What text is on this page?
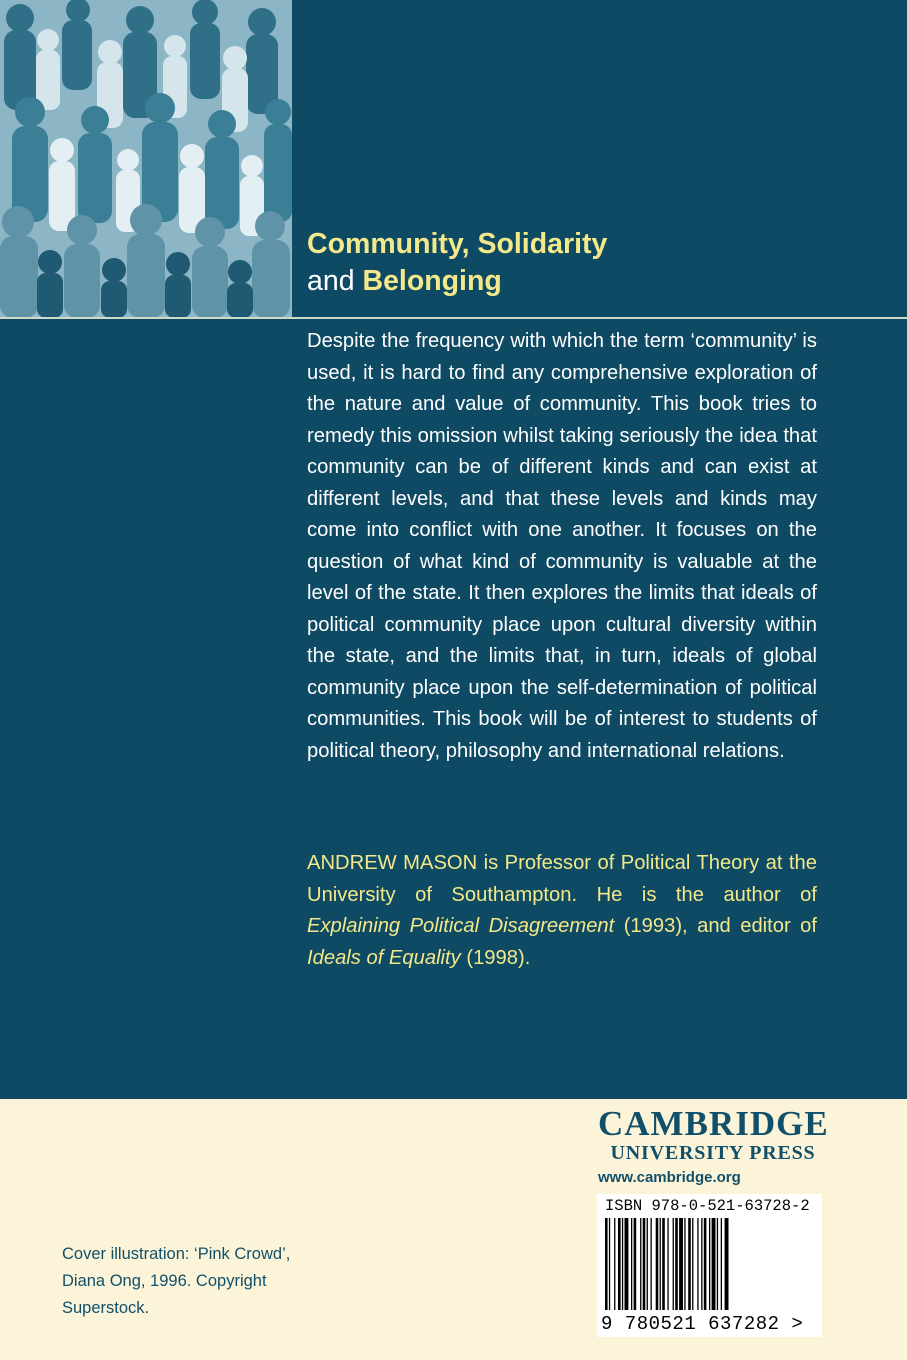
Community, Solidarity
and Belonging

Despite the frequency with which the term ‘community’ is used, it is hard to find any comprehensive exploration of the nature and value of community. This book tries to remedy this omission whilst taking seriously the idea that community can be of different kinds and can exist at different levels, and that these levels and kinds may come into conflict with one another. It focuses on the question of what kind of community is valuable at the level of the state. It then explores the limits that ideals of political community place upon cultural diversity within the state, and the limits that, in turn, ideals of global community place upon the self-determination of political communities. This book will be of interest to students of political theory, philosophy and international relations.

ANDREW MASON is Professor of Political Theory at the University of Southampton. He is the author of Explaining Political Disagreement (1993), and editor of Ideals of Equality (1998).

CAMBRIDGE
UNIVERSITY PRESS
www.cambridge.org
ISBN 978-0-521-63728-2
9 780521 637282 >
Cover illustration: ‘Pink Crowd’,
Diana Ong, 1996. Copyright
Superstock.
